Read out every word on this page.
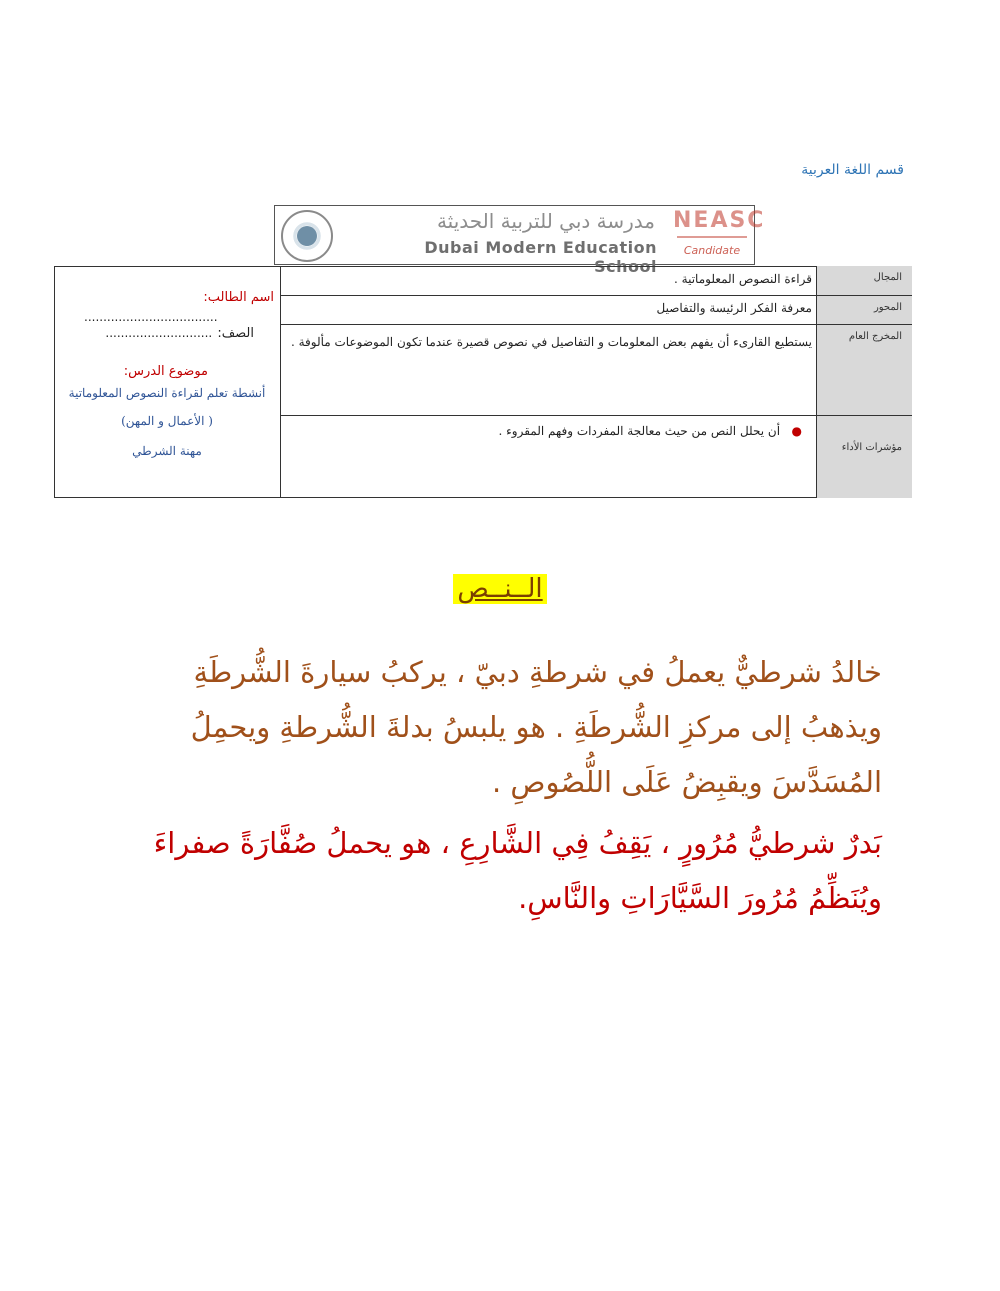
قسم اللغة العربية
مدرسة دبي للتربية الحديثة
Dubai Modern Education School
NEASC
Candidate
المجال
قراءة النصوص المعلوماتية .
المحور
معرفة الفكر الرئيسة والتفاصيل
المخرج العام
يستطيع القارىء أن يفهم بعض المعلومات و التفاصيل في نصوص قصيرة عندما تكون الموضوعات مألوفة .
مؤشرات الأداء
●   أن يحلل النص من حيث معالجة المفردات وفهم المقروء .
اسم الطالب:
...................................
الصف: ............................
موضوع الدرس:
أنشطة تعلم لقراءة النصوص المعلوماتية
(الأعمال و المهن )
مهنة الشرطي
الــنــص
خالدُ شرطيٌّ يعملُ في شرطةِ دبيّ ، يركبُ سيارةَ الشُّرطَةِ ويذهبُ إلى مركزِ الشُّرطَةِ . هو يلبسُ بدلةَ الشُّرطةِ ويحمِلُ المُسَدَّسَ ويقبِضُ عَلَى اللُّصُوصِ .
بَدرٌ شرطيُّ مُرُورٍ ، يَقِفُ فِي الشَّارِعِ ، هو يحملُ صُفَّارَةً صفراءَ ويُنَظِّمُ مُرُورَ السَّيَّارَاتِ والنَّاسِ.
